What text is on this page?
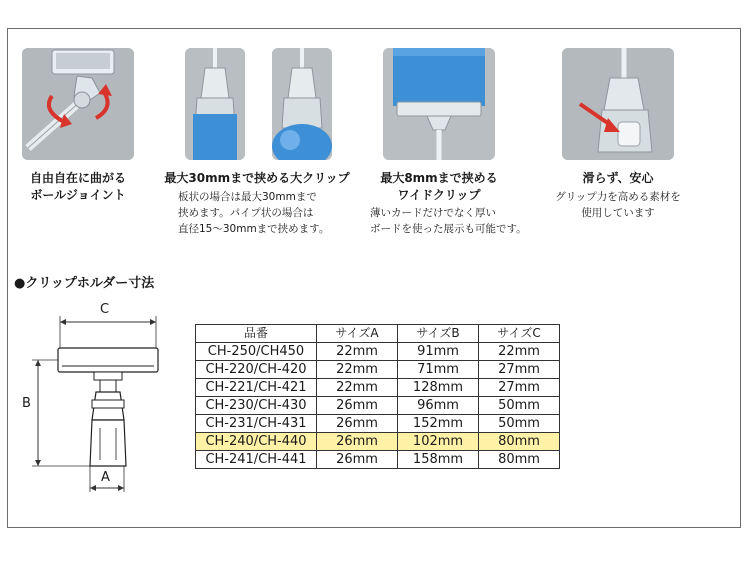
自由自在に曲がる
ボールジョイント
最大30mmまで挟める大クリップ
板状の場合は最大30mmまで
挟めます。パイプ状の場合は
直径15〜30mmまで挟めます。
最大8mmまで挟める
ワイドクリップ
薄いカードだけでなく厚い
ボードを使った展示も可能です。
滑らず、安心
グリップ力を高める素材を
使用しています
●クリップホルダー寸法
C
B
A
品番	サイズA	サイズB	サイズC
CH-250/CH450	22mm	91mm	22mm
CH-220/CH-420	22mm	71mm	27mm
CH-221/CH-421	22mm	128mm	27mm
CH-230/CH-430	26mm	96mm	50mm
CH-231/CH-431	26mm	152mm	50mm
CH-240/CH-440	26mm	102mm	80mm
CH-241/CH-441	26mm	158mm	80mm
